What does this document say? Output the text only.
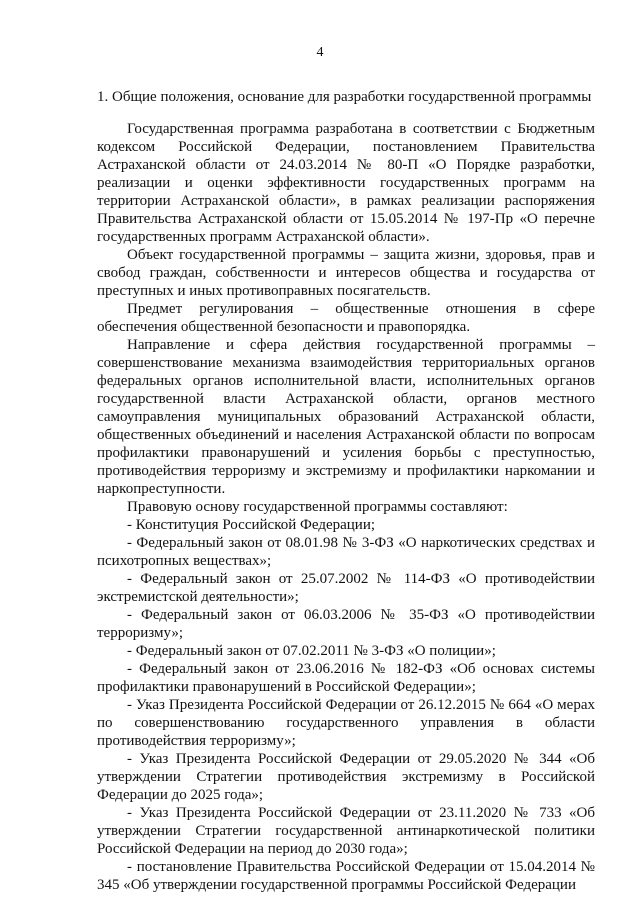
4
1. Общие положения, основание для разработки государственной программы

Государственная программа разработана в соответствии с Бюджетным кодексом Российской Федерации, постановлением Правительства Астраханской области от 24.03.2014 № 80-П «О Порядке разработки, реализации и оценки эффективности государственных программ на территории Астраханской области», в рамках реализации распоряжения Правительства Астраханской области от 15.05.2014 № 197-Пр «О перечне государственных программ Астраханской области».

Объект государственной программы – защита жизни, здоровья, прав и свобод граждан, собственности и интересов общества и государства от преступных и иных противоправных посягательств.

Предмет регулирования – общественные отношения в сфере обеспечения общественной безопасности и правопорядка.

Направление и сфера действия государственной программы – совершенствование механизма взаимодействия территориальных органов федеральных органов исполнительной власти, исполнительных органов государственной власти Астраханской области, органов местного самоуправления муниципальных образований Астраханской области, общественных объединений и населения Астраханской области по вопросам профилактики правонарушений и усиления борьбы с преступностью, противодействия терроризму и экстремизму и профилактики наркомании и наркопреступности.

Правовую основу государственной программы составляют:

- Конституция Российской Федерации;

- Федеральный закон от 08.01.98 № 3-ФЗ «О наркотических средствах и психотропных веществах»;

- Федеральный закон от 25.07.2002 № 114-ФЗ «О противодействии экстремистской деятельности»;

- Федеральный закон от 06.03.2006 № 35-ФЗ «О противодействии терроризму»;

- Федеральный закон от 07.02.2011 № 3-ФЗ «О полиции»;

- Федеральный закон от 23.06.2016 № 182-ФЗ «Об основах системы профилактики правонарушений в Российской Федерации»;

- Указ Президента Российской Федерации от 26.12.2015 № 664 «О мерах по совершенствованию государственного управления в области противодействия терроризму»;

- Указ Президента Российской Федерации от 29.05.2020 № 344 «Об утверждении Стратегии противодействия экстремизму в Российской Федерации до 2025 года»;

- Указ Президента Российской Федерации от 23.11.2020 № 733 «Об утверждении Стратегии государственной антинаркотической политики Российской Федерации на период до 2030 года»;

- постановление Правительства Российской Федерации от 15.04.2014 № 345 «Об утверждении государственной программы Российской Федерации
